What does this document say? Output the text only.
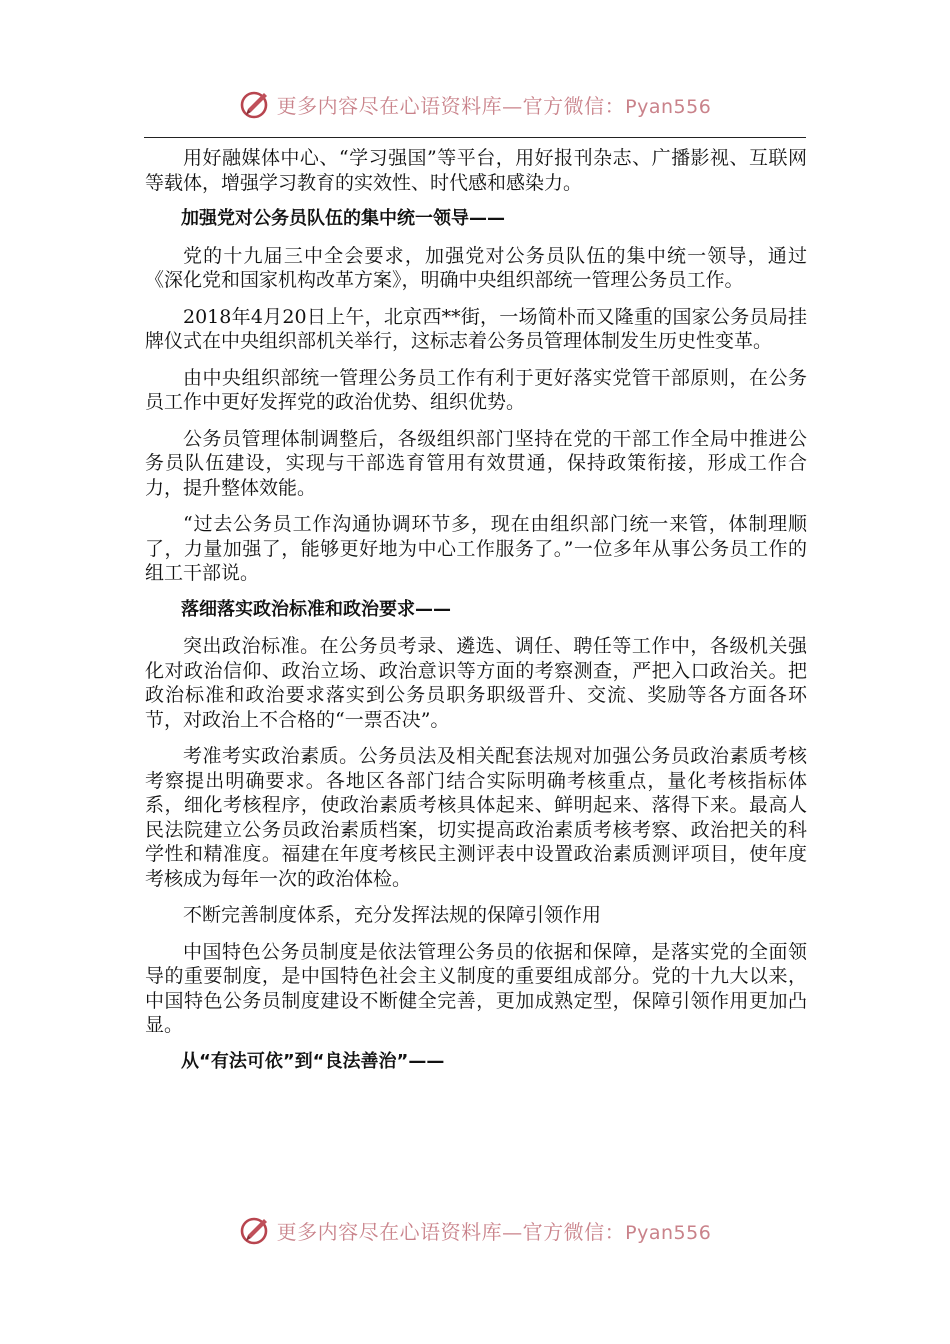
更多内容尽在心语资料库—官方微信：Pyan556

用好融媒体中心、“学习强国”等平台，用好报刊杂志、广播影视、互联网等载体，增强学习教育的实效性、时代感和感染力。

加强党对公务员队伍的集中统一领导——

党的十九届三中全会要求，加强党对公务员队伍的集中统一领导，通过《深化党和国家机构改革方案》，明确中央组织部统一管理公务员工作。

2018年4月20日上午，北京西**街，一场简朴而又隆重的国家公务员局挂牌仪式在中央组织部机关举行，这标志着公务员管理体制发生历史性变革。

由中央组织部统一管理公务员工作有利于更好落实党管干部原则，在公务员工作中更好发挥党的政治优势、组织优势。

公务员管理体制调整后，各级组织部门坚持在党的干部工作全局中推进公务员队伍建设，实现与干部选育管用有效贯通，保持政策衔接，形成工作合力，提升整体效能。

“过去公务员工作沟通协调环节多，现在由组织部门统一来管，体制理顺了，力量加强了，能够更好地为中心工作服务了。”一位多年从事公务员工作的组工干部说。

落细落实政治标准和政治要求——

突出政治标准。在公务员考录、遴选、调任、聘任等工作中，各级机关强化对政治信仰、政治立场、政治意识等方面的考察测查，严把入口政治关。把政治标准和政治要求落实到公务员职务职级晋升、交流、奖励等各方面各环节，对政治上不合格的“一票否决”。

考准考实政治素质。公务员法及相关配套法规对加强公务员政治素质考核考察提出明确要求。各地区各部门结合实际明确考核重点，量化考核指标体系，细化考核程序，使政治素质考核具体起来、鲜明起来、落得下来。最高人民法院建立公务员政治素质档案，切实提高政治素质考核考察、政治把关的科学性和精准度。福建在年度考核民主测评表中设置政治素质测评项目，使年度考核成为每年一次的政治体检。

不断完善制度体系，充分发挥法规的保障引领作用

中国特色公务员制度是依法管理公务员的依据和保障，是落实党的全面领导的重要制度，是中国特色社会主义制度的重要组成部分。党的十九大以来，中国特色公务员制度建设不断健全完善，更加成熟定型，保障引领作用更加凸显。

从“有法可依”到“良法善治”——

更多内容尽在心语资料库—官方微信：Pyan556
